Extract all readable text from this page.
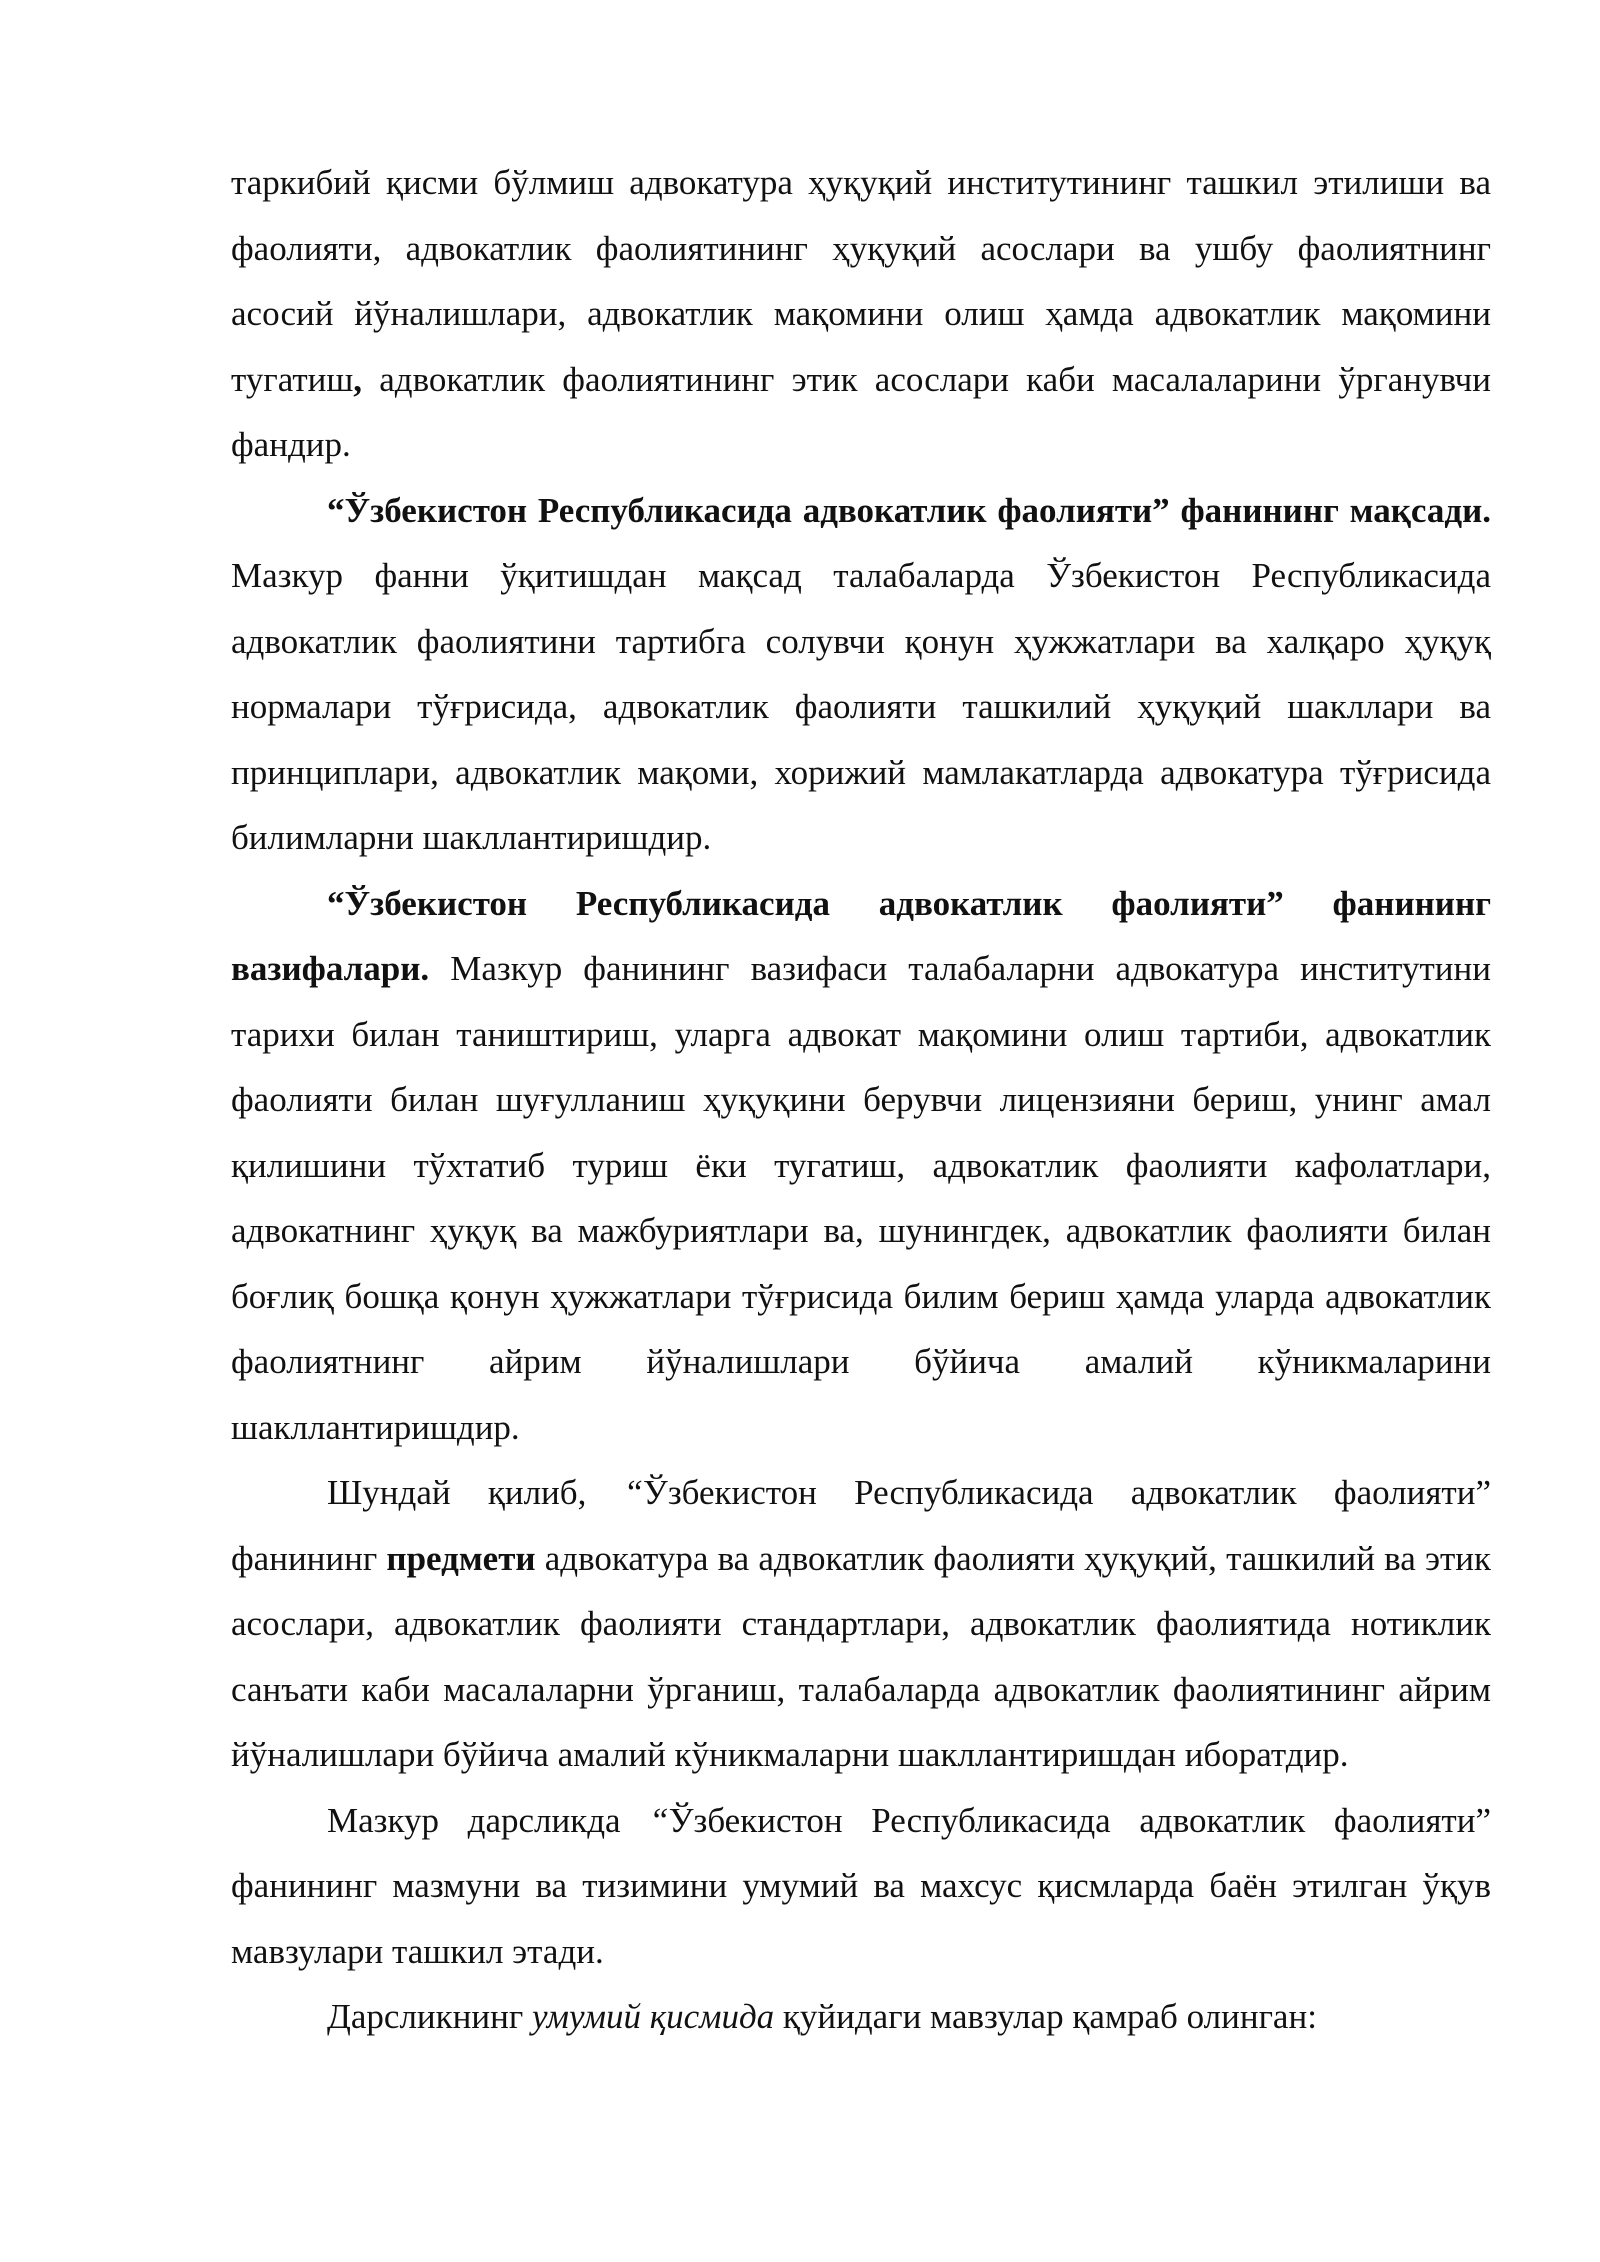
таркибий қисми бўлмиш адвокатура ҳуқуқий институтининг ташкил этилиши ва фаолияти, адвокатлик фаолиятининг ҳуқуқий асослари ва ушбу фаолиятнинг асосий йўналишлари, адвокатлик мақомини олиш ҳамда адвокатлик мақомини тугатиш, адвокатлик фаолиятининг этик асослари каби масалаларини ўрганувчи фандир.

“Ўзбекистон Республикасида адвокатлик фаолияти” фанининг мақсади. Мазкур фанни ўқитишдан мақсад талабаларда Ўзбекистон Республикасида адвокатлик фаолиятини тартибга солувчи қонун ҳужжатлари ва халқаро ҳуқуқ нормалари тўғрисида, адвокатлик фаолияти ташкилий ҳуқуқий шакллари ва принциплари, адвокатлик мақоми, хорижий мамлакатларда адвокатура тўғрисида билимларни шакллантиришдир.

“Ўзбекистон Республикасида адвокатлик фаолияти” фанининг вазифалари. Мазкур фанининг вазифаси талабаларни адвокатура институтини тарихи билан таништириш, уларга адвокат мақомини олиш тартиби, адвокатлик фаолияти билан шуғулланиш ҳуқуқини берувчи лицензияни бериш, унинг амал қилишини тўхтатиб туриш ёки тугатиш, адвокатлик фаолияти кафолатлари, адвокатнинг ҳуқуқ ва мажбуриятлари ва, шунингдек, адвокатлик фаолияти билан боғлиқ бошқа қонун ҳужжатлари тўғрисида билим бериш ҳамда уларда адвокатлик фаолиятнинг айрим йўналишлари бўйича амалий кўникмаларини шакллантиришдир.

Шундай қилиб, “Ўзбекистон Республикасида адвокатлик фаолияти” фанининг предмети адвокатура ва адвокатлик фаолияти ҳуқуқий, ташкилий ва этик асослари, адвокатлик фаолияти стандартлари, адвокатлик фаолиятида нотиклик санъати каби масалаларни ўрганиш, талабаларда адвокатлик фаолиятининг айрим йўналишлари бўйича амалий кўникмаларни шакллантиришдан иборатдир.

Мазкур дарсликда “Ўзбекистон Республикасида адвокатлик фаолияти” фанининг мазмуни ва тизимини умумий ва махсус қисмларда баён этилган ўқув мавзулари ташкил этади.

Дарсликнинг умумий қисмида қуйидаги мавзулар қамраб олинган:
